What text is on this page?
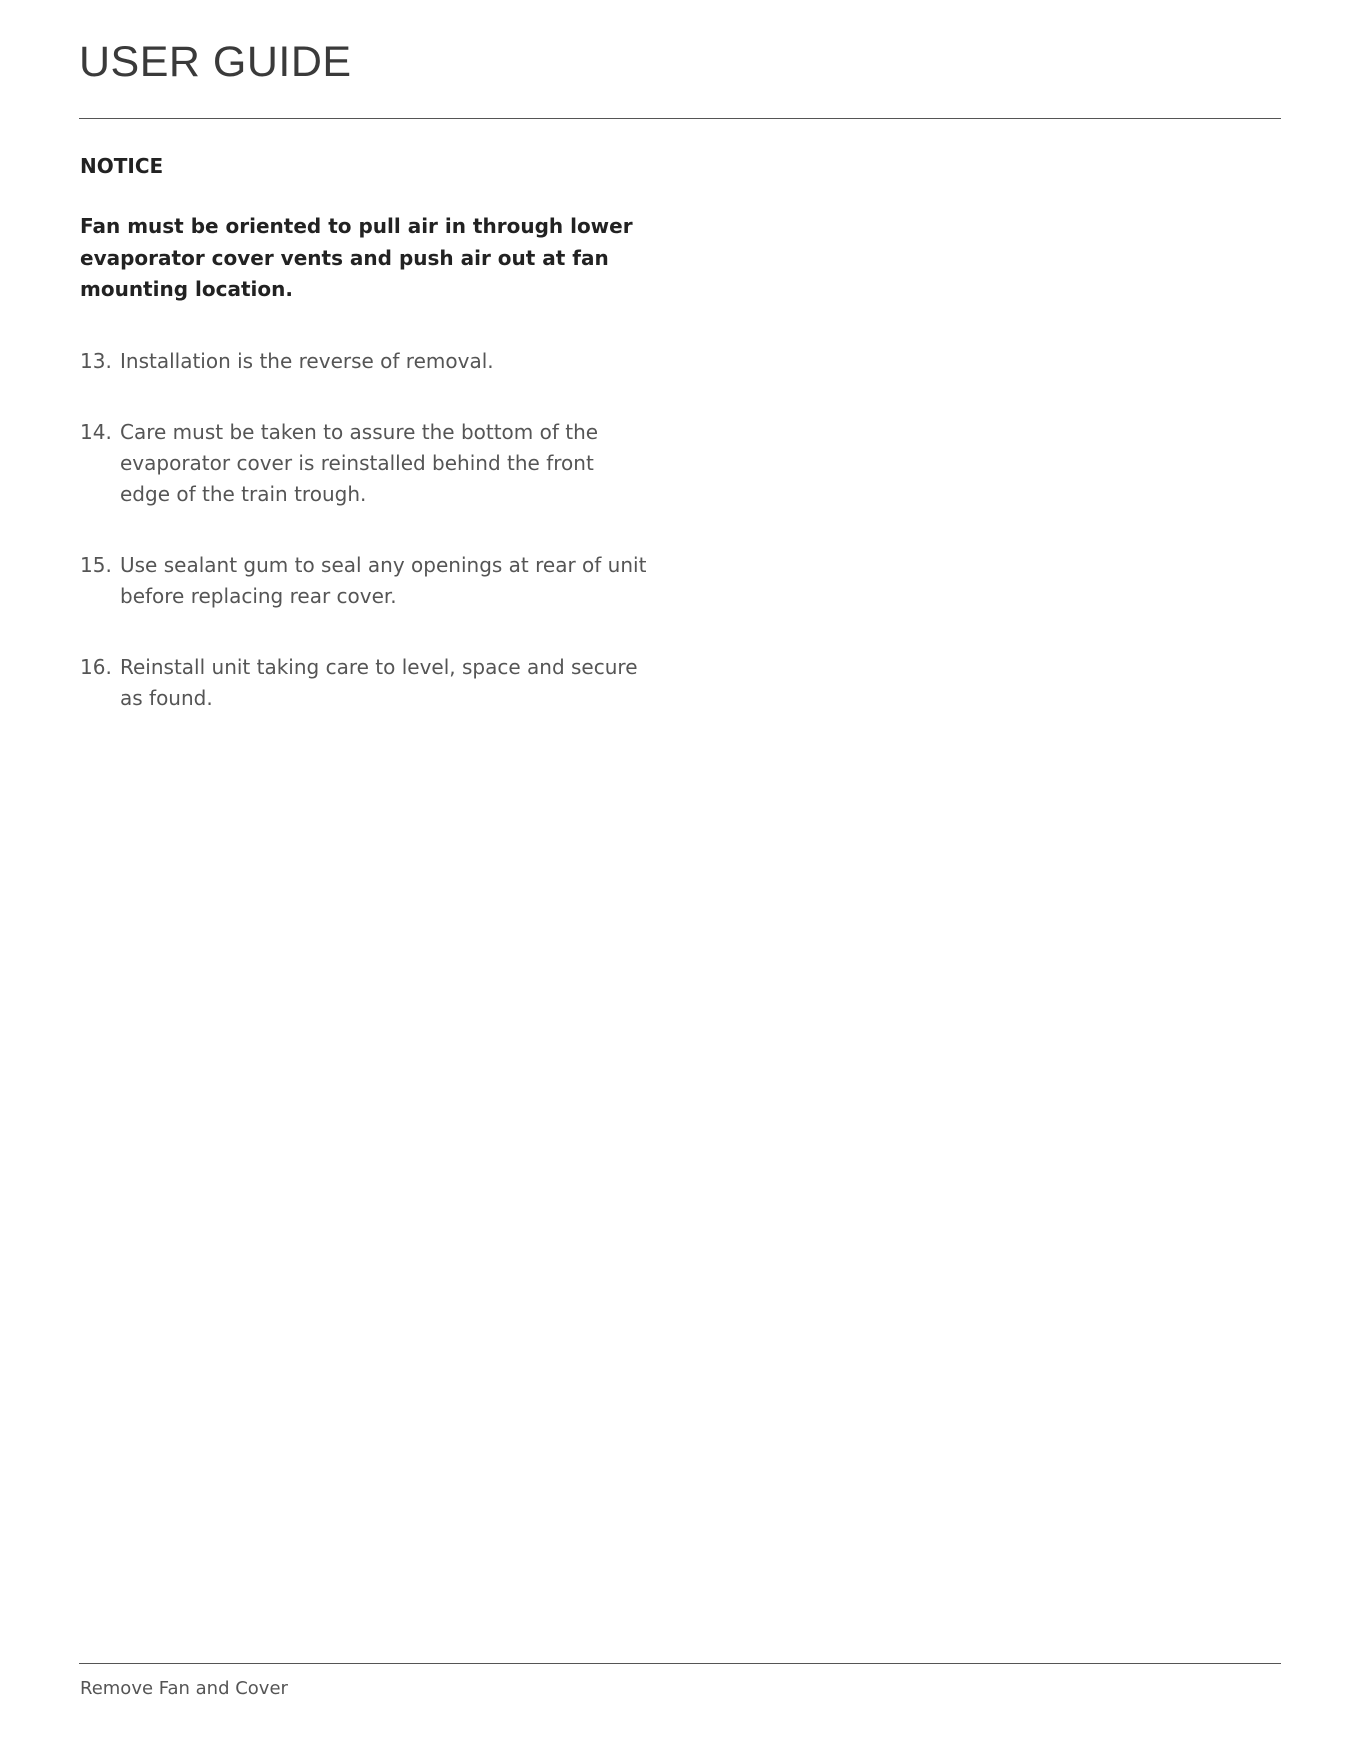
USER GUIDE

NOTICE

Fan must be oriented to pull air in through lower evaporator cover vents and push air out at fan mounting location.

13. Installation is the reverse of removal.
14. Care must be taken to assure the bottom of the evaporator cover is reinstalled behind the front edge of the train trough.
15. Use sealant gum to seal any openings at rear of unit before replacing rear cover.
16. Reinstall unit taking care to level, space and secure as found.
Remove Fan and Cover
